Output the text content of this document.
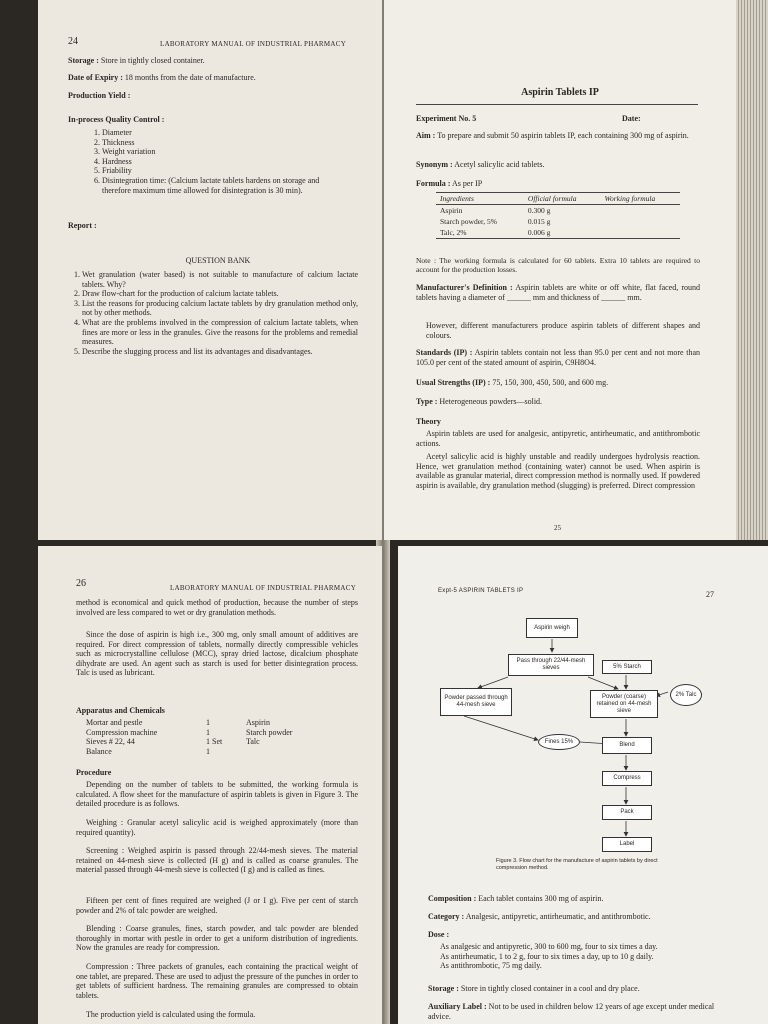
24	LABORATORY MANUAL OF INDUSTRIAL PHARMACY
Storage : Store in tightly closed container.
Date of Expiry : 18 months from the date of manufacture.
Production Yield :
In-process Quality Control :
1. Diameter
2. Thickness
3. Weight variation
4. Hardness
5. Friability
6. Disintegration time: (Calcium lactate tablets hardens on storage and therefore maximum time allowed for disintegration is 30 min).
Report :
QUESTION BANK
1. Wet granulation (water based) is not suitable to manufacture of calcium lactate tablets. Why?
2. Draw flow-chart for the production of calcium lactate tablets.
3. List the reasons for producing calcium lactate tablets by dry granulation method only, not by other methods.
4. What are the problems involved in the compression of calcium lactate tablets, when fines are more or less in the granules. Give the reasons for the problems and remedial measures.
5. Describe the slugging process and list its advantages and disadvantages.
Aspirin Tablets IP
Experiment No. 5	Date:
Aim : To prepare and submit 50 aspirin tablets IP, each containing 300 mg of aspirin.
Synonym : Acetyl salicylic acid tablets.
Formula : As per IP
Ingredients	Official formula	Working formula
Aspirin	0.300 g	
Starch powder, 5%	0.015 g	
Talc, 2%	0.006 g	
Note : The working formula is calculated for 60 tablets. Extra 10 tablets are required to account for the production losses.
Manufacturer's Definition : Aspirin tablets are white or off white, flat faced, round tablets having a diameter of ______ mm and thickness of ______ mm.
However, different manufacturers produce aspirin tablets of different shapes and colours.
Standards (IP) : Aspirin tablets contain not less than 95.0 per cent and not more than 105.0 per cent of the stated amount of aspirin, C9H8O4.
Usual Strengths (IP) : 75, 150, 300, 450, 500, and 600 mg.
Type : Heterogeneous powders—solid.
Theory
Aspirin tablets are used for analgesic, antipyretic, antirheumatic, and antithrombotic actions.
Acetyl salicylic acid is highly unstable and readily undergoes hydrolysis reaction. Hence, wet granulation method (containing water) cannot be used. When aspirin is available as granular material, direct compression method is normally used. If powdered aspirin is available, dry granulation method (slugging) is preferred. Direct compression
25
26	LABORATORY MANUAL OF INDUSTRIAL PHARMACY
method is economical and quick method of production, because the number of steps involved are less compared to wet or dry granulation methods.
Since the dose of aspirin is high i.e., 300 mg, only small amount of additives are required. For direct compression of tablets, normally directly compressible vehicles such as microcrystalline cellulose (MCC), spray dried lactose, dicalcium phosphate dihydrate are used. An agent such as starch is used for better disintegration process. Talc is used as lubricant.
Apparatus and Chemicals
Mortar and pestle	1	Aspirin
Compression machine	1	Starch powder
Sieves # 22, 44	1 Set	Talc
Balance	1
Procedure
Depending on the number of tablets to be submitted, the working formula is calculated. A flow sheet for the manufacture of aspirin tablets is given in Figure 3. The detailed procedure is as follows.
Weighing : Granular acetyl salicylic acid is weighed approximately (more than required quantity).
Screening : Weighed aspirin is passed through 22/44-mesh sieves. The material retained on 44-mesh sieve is collected (H g) and is called as coarse granules. The material passed through 44-mesh sieve is collected (I g) and is called as fines.
Fifteen per cent of fines required are weighed (J or I g). Five per cent of starch powder and 2% of talc powder are weighed.
Blending : Coarse granules, fines, starch powder, and talc powder are blended thoroughly in mortar with pestle in order to get a uniform distribution of ingredients. Now the granules are ready for compression.
Compression : Three packets of granules, each containing the practical weight of one tablet, are prepared. These are used to adjust the pressure of the punches in order to get tablets of sufficient hardness. The remaining granules are compressed to obtain tablets.
The production yield is calculated using the formula.
Expt-5 ASPIRIN TABLETS IP	27
Aspirin weigh
Pass through 22/44-mesh sieves	5% Starch
Powder passed through 44-mesh sieve
Powder (coarse) retained on 44-mesh sieve
2% Talc
Fines 15%
Blend
Compress
Pack
Label
Figure 3. Flow chart for the manufacture of aspirin tablets by direct compression method.
Composition : Each tablet contains 300 mg of aspirin.
Category : Analgesic, antipyretic, antirheumatic, and antithrombotic.
Dose :
As analgesic and antipyretic, 300 to 600 mg, four to six times a day.
As antirheumatic, 1 to 2 g, four to six times a day, up to 10 g daily.
As antithrombotic, 75 mg daily.
Storage : Store in tightly closed container in a cool and dry place.
Auxiliary Label : Not to be used in children below 12 years of age except under medical advice.
